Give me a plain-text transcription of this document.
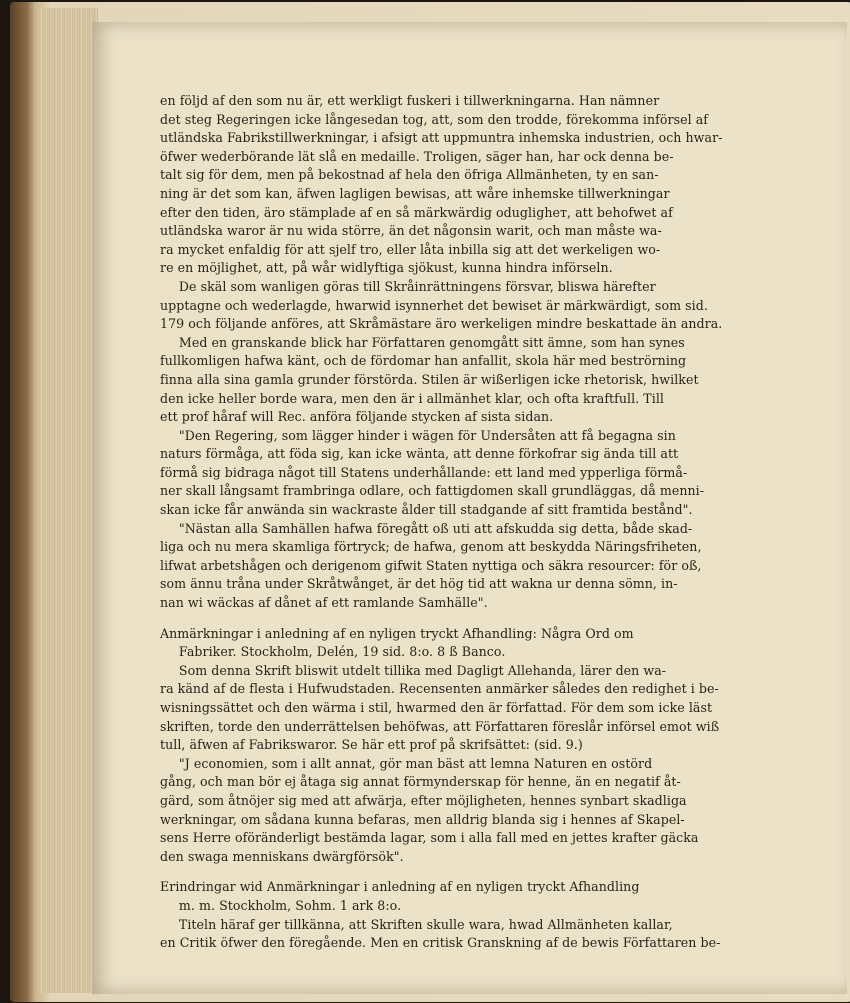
en följd af den som nu är, ett werkligt fuskeri i tillwerkningarna. Han nämner
det steg Regeringen icke långesedan tog, att, som den trodde, förekomma införsel af
utländska Fabrikstillwerkningar, i afsigt att uppmuntra inhemska industrien, och hwar-
öfwer wederbörande lät slå en medaille. Troligen, säger han, har ock denna be-
talt sig för dem, men på bekostnad af hela den öfriga Allmänheten, ty en san-
ning är det som kan, äfwen lagligen bewisas, att wåre inhemske tillwerkningar
efter den tiden, äro stämplade af en så märkwärdig odugligheт, att behofwet af
utländska waror är nu wida större, än det någonsin warit, och man måste wa-
ra mycket enfaldig för att sjelf tro, eller låta inbilla sig att det werkeligen wo-
re en möjlighet, att, på wår widlyftiga sjökust, kunna hindra införseln.

De skäl som wanligen göras till Skråinrättningens försvar, bliswa härefter
upptagne och wederlagde, hwarwid isynnerhet det bewiset är märkwärdigt, som sid.
179 och följande anföres, att Skråmästare äro werkeligen mindre beskattade än andra.

Med en granskande blick har Författaren genomgått sitt ämne, som han synes
fullkomligen hafwa känt, och de fördomar han anfallit, skola här med beströrning
finna alla sina gamla grunder förstörda. Stilen är wißerligen icke rhetorisk, hwilket
den icke heller borde wara, men den är i allmänhet klar, och ofta kraftfull. Till
ett prof håraf will Rec. anföra följande stycken af sista sidan.

"Den Regering, som lägger hinder i wägen för Undersåten att få begagna sin
naturs förmåga, att föda sig, kan icke wänta, att denne förkofrar sig ända till att
förmå sig bidraga något till Statens underhållande: ett land med ypperliga förmå-
ner skall långsamt frambringa odlare, och fattigdomen skall grundläggas, då menni-
skan icke får anwända sin wackraste ålder till stadgande af sitt framtida bestånd".

"Nästan alla Samhällen hafwa föregått oß uti att afskudda sig detta, både skad-
liga och nu mera skamliga förtryck; de hafwa, genom att beskydda Näringsfriheten,
lifwat arbetshågen och derigenom gifwit Staten nyttiga och säkra resourcer: för oß,
som ännu tråna under Skråtwånget, är det hög tid att wakna ur denna sömn, in-
nan wi wäckas af dånet af ett ramlande Samhälle".

Anmärkningar i anledning af en nyligen tryckt Afhandling: Några Ord om
Fabriker. Stockholm, Delén, 19 sid. 8:o. 8 ß Banco.

Som denna Skrift bliswit utdelt tillika med Dagligt Allehanda, lärer den wa-
ra känd af de flesta i Hufwudstaden. Recensenten anmärker således den redighet i be-
wisningssättet och den wärma i stil, hwarmed den är författad. För dem som icke läst
skriften, torde den underrättelsen behöfwas, att Författaren föreslår införsel emot wiß
tull, äfwen af Fabrikswaror. Se här ett prof på skrifsättet: (sid. 9.)

"J economien, som i allt annat, gör man bäst att lemna Naturen en ostörd
gång, och man bör ej åtaga sig annat förmyndersкap för henne, än en negatif åt-
gärd, som åtnöjer sig med att afwärja, efter möjligheten, hennes synbart skadliga
werkningar, om sådana kunna befaras, men alldrig blanda sig i hennes af Skapel-
sens Herre oföränderligt bestämda lagar, som i alla fall med en jettes krafter gäcka
den swaga menniskans dwärgförsök".

Erindringar wid Anmärkningar i anledning af en nyligen tryckt Afhandling
m. m. Stockholm, Sohm. 1 ark 8:o.

Titeln häraf ger tillkänna, att Skriften skulle wara, hwad Allmänheten kallar,
en Critik öfwer den föregående. Men en critisk Granskning af de bewis Författaren be-
